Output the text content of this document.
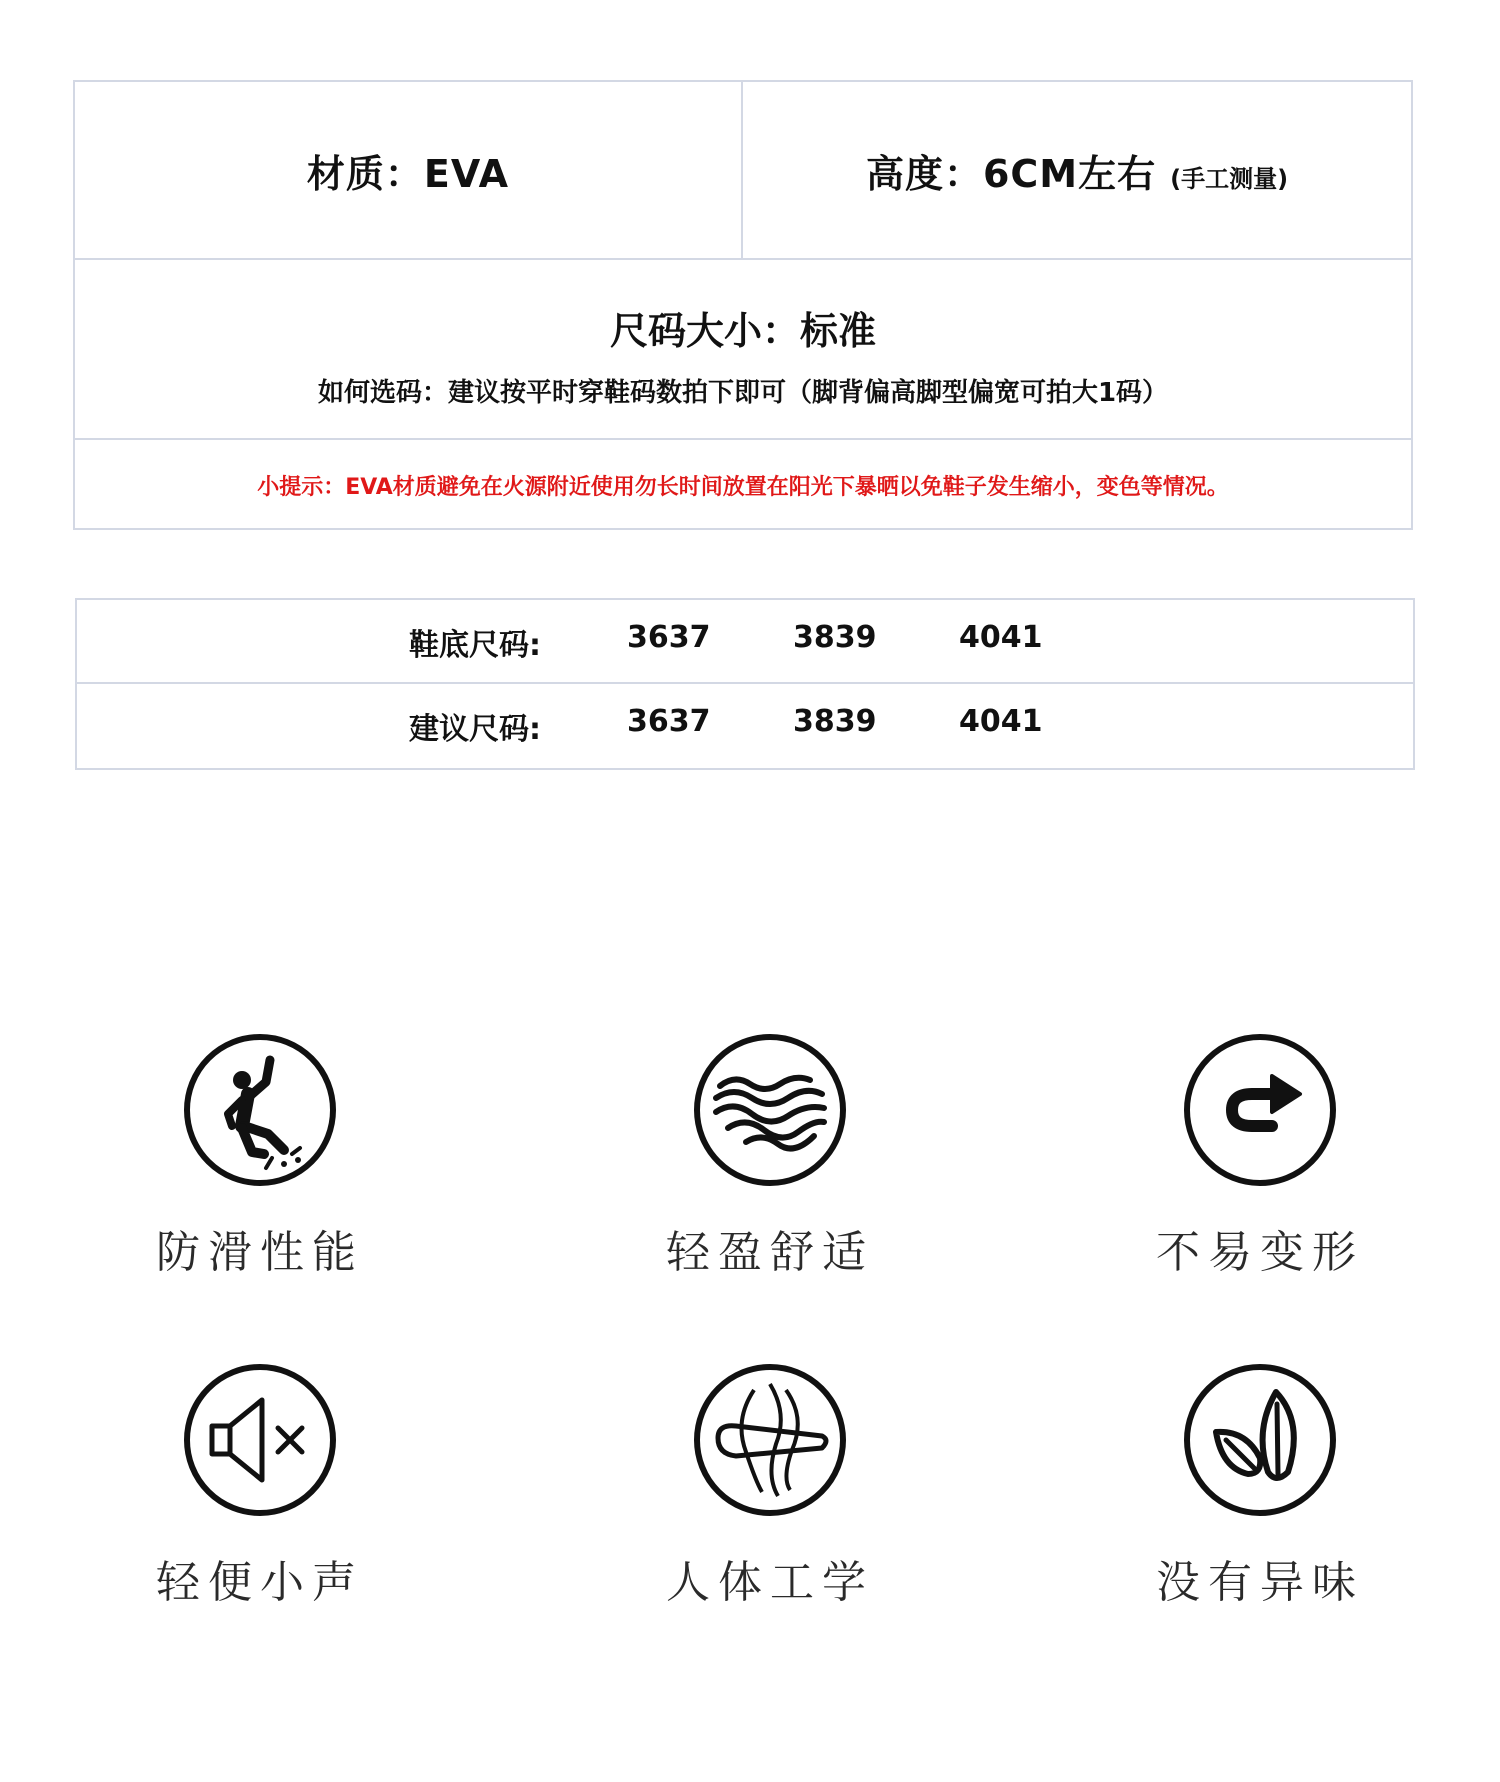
材质：EVA	高度：6CM左右 (手工测量)
尺码大小：标准
如何选码：建议按平时穿鞋码数拍下即可（脚背偏高脚型偏宽可拍大1码）
小提示：EVA材质避免在火源附近使用勿长时间放置在阳光下暴晒以免鞋子发生缩小，变色等情况。
鞋底尺码:	3637	3839	4041
建议尺码:	3637	3839	4041
防滑性能	轻盈舒适	不易变形
轻便小声	人体工学	没有异味
